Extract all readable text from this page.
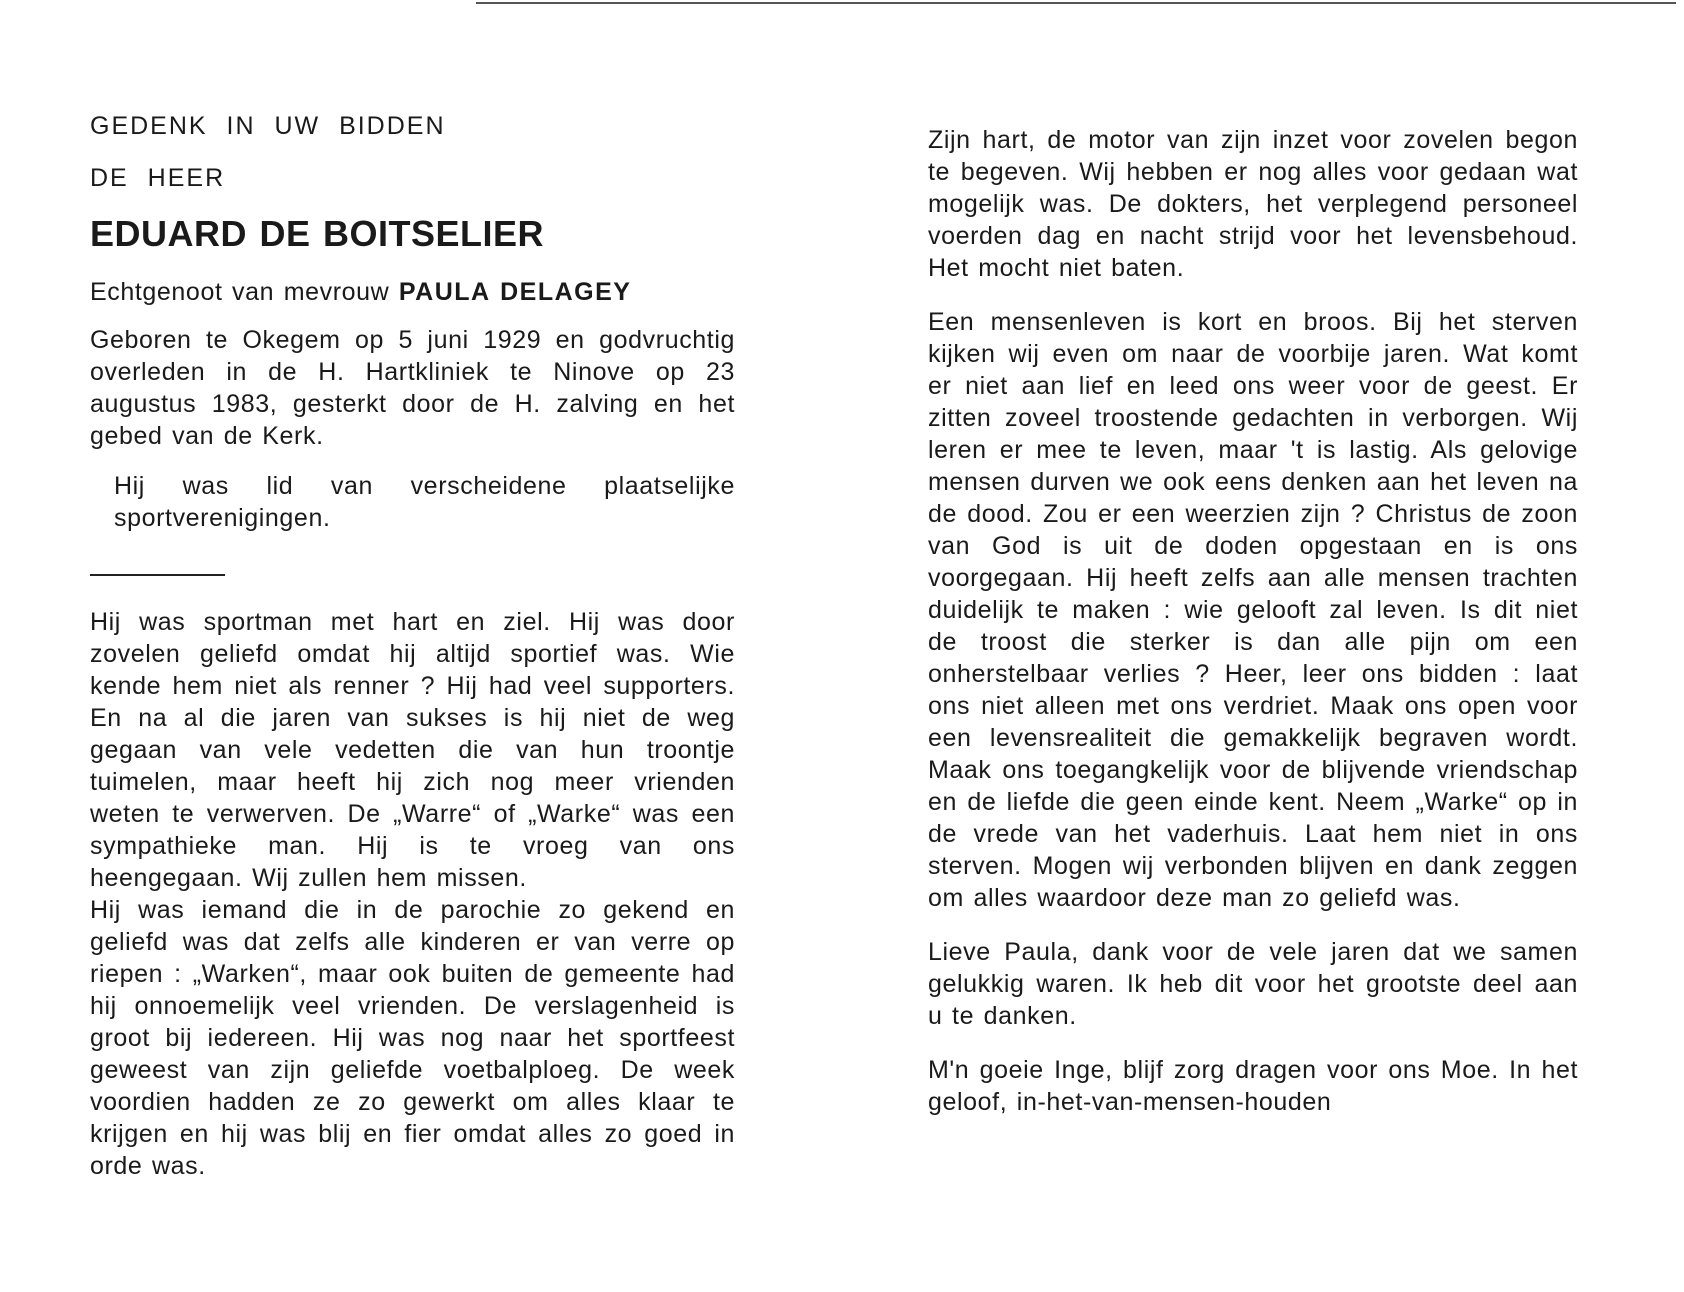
GEDENK IN UW BIDDEN
DE HEER
EDUARD DE BOITSELIER
Echtgenoot van mevrouw PAULA DELAGEY

Geboren te Okegem op 5 juni 1929 en godvruchtig overleden in de H. Hartkliniek te Ninove op 23 augustus 1983, gesterkt door de H. zalving en het gebed van de Kerk.

Hij was lid van verscheidene plaatselijke sportverenigingen.

Hij was sportman met hart en ziel. Hij was door zovelen geliefd omdat hij altijd sportief was. Wie kende hem niet als renner ? Hij had veel supporters. En na al die jaren van sukses is hij niet de weg gegaan van vele vedetten die van hun troontje tuimelen, maar heeft hij zich nog meer vrienden weten te verwerven. De „Warre“ of „Warke“ was een sympathieke man. Hij is te vroeg van ons heengegaan. Wij zullen hem missen.

Hij was iemand die in de parochie zo gekend en geliefd was dat zelfs alle kinderen er van verre op riepen : „Warken“, maar ook buiten de gemeente had hij onnoemelijk veel vrienden. De verslagenheid is groot bij iedereen. Hij was nog naar het sportfeest geweest van zijn geliefde voetbalploeg. De week voordien hadden ze zo gewerkt om alles klaar te krijgen en hij was blij en fier omdat alles zo goed in orde was.

Zijn hart, de motor van zijn inzet voor zovelen begon te begeven. Wij hebben er nog alles voor gedaan wat mogelijk was. De dokters, het verplegend personeel voerden dag en nacht strijd voor het levensbehoud. Het mocht niet baten.

Een mensenleven is kort en broos. Bij het sterven kijken wij even om naar de voorbije jaren. Wat komt er niet aan lief en leed ons weer voor de geest. Er zitten zoveel troostende gedachten in verborgen. Wij leren er mee te leven, maar 't is lastig. Als gelovige mensen durven we ook eens denken aan het leven na de dood. Zou er een weerzien zijn ? Christus de zoon van God is uit de doden opgestaan en is ons voorgegaan. Hij heeft zelfs aan alle mensen trachten duidelijk te maken : wie gelooft zal leven. Is dit niet de troost die sterker is dan alle pijn om een onherstelbaar verlies ? Heer, leer ons bidden : laat ons niet alleen met ons verdriet. Maak ons open voor een levensrealiteit die gemakkelijk begraven wordt. Maak ons toegangkelijk voor de blijvende vriendschap en de liefde die geen einde kent. Neem „Warke“ op in de vrede van het vaderhuis. Laat hem niet in ons sterven. Mogen wij verbonden blijven en dank zeggen om alles waardoor deze man zo geliefd was.

Lieve Paula, dank voor de vele jaren dat we samen gelukkig waren. Ik heb dit voor het grootste deel aan u te danken.

M'n goeie Inge, blijf zorg dragen voor ons Moe. In het geloof, in-het-van-mensen-houden
